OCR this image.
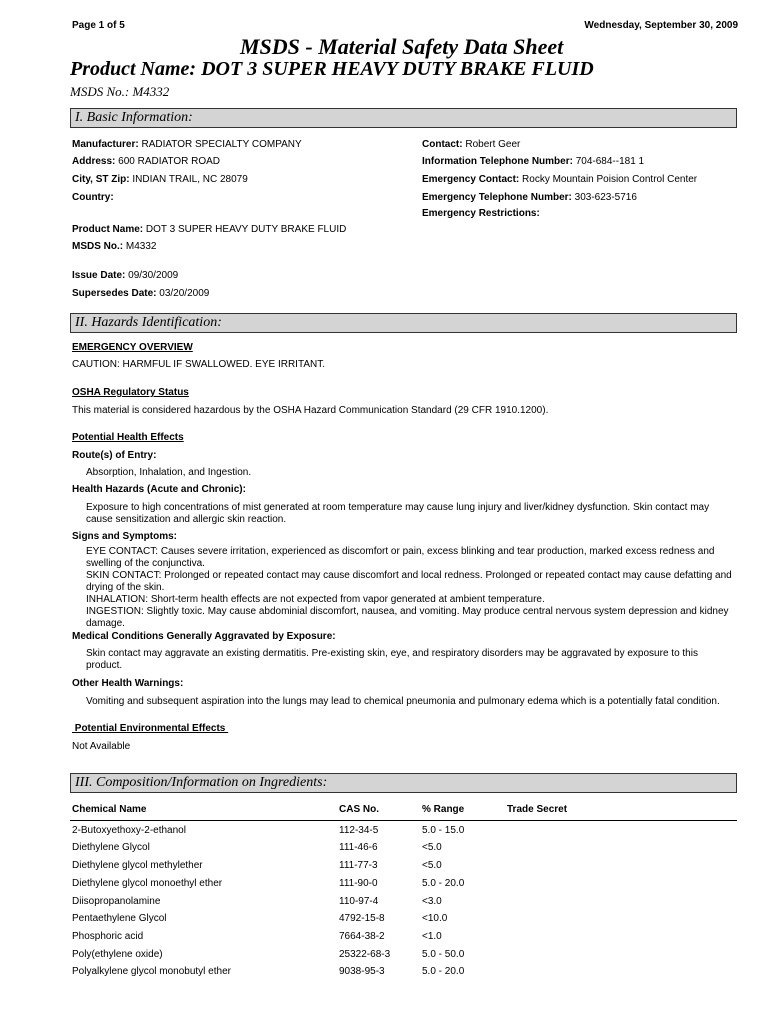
Page 1 of 5	Wednesday, September 30, 2009
MSDS - Material Safety Data Sheet
Product Name: DOT 3 SUPER HEAVY DUTY BRAKE FLUID
MSDS No.: M4332
I. Basic Information:
Manufacturer: RADIATOR SPECIALTY COMPANY
Address: 600 RADIATOR ROAD
City, ST Zip: INDIAN TRAIL, NC 28079
Country:
Contact: Robert Geer
Information Telephone Number: 704-684--181 1
Emergency Contact: Rocky Mountain Poision Control Center
Emergency Telephone Number: 303-623-5716
Emergency Restrictions:
Product Name: DOT 3 SUPER HEAVY DUTY BRAKE FLUID
MSDS No.: M4332
Issue Date: 09/30/2009
Supersedes Date: 03/20/2009
II. Hazards Identification:
EMERGENCY OVERVIEW
CAUTION: HARMFUL IF SWALLOWED. EYE IRRITANT.
OSHA Regulatory Status
This material is considered hazardous by the OSHA Hazard Communication Standard (29 CFR 1910.1200).
Potential Health Effects
Route(s) of Entry:
Absorption, Inhalation, and Ingestion.
Health Hazards (Acute and Chronic):
Exposure to high concentrations of mist generated at room temperature may cause lung injury and liver/kidney dysfunction. Skin contact may cause sensitization and allergic skin reaction.
Signs and Symptoms:
EYE CONTACT: Causes severe irritation, experienced as discomfort or pain, excess blinking and tear production, marked excess redness and swelling of the conjunctiva.
SKIN CONTACT: Prolonged or repeated contact may cause discomfort and local redness. Prolonged or repeated contact may cause defatting and drying of the skin.
INHALATION: Short-term health effects are not expected from vapor generated at ambient temperature.
INGESTION: Slightly toxic. May cause abdominial discomfort, nausea, and vomiting. May produce central nervous system depression and kidney damage.
Medical Conditions Generally Aggravated by Exposure:
Skin contact may aggravate an existing dermatitis. Pre-existing skin, eye, and respiratory disorders may be aggravated by exposure to this product.
Other Health Warnings:
Vomiting and subsequent aspiration into the lungs may lead to chemical pneumonia and pulmonary edema which is a potentially fatal condition.
Potential Environmental Effects
Not Available
III. Composition/Information on Ingredients:
Chemical Name	CAS No.	% Range	Trade Secret
2-Butoxyethoxy-2-ethanol	112-34-5	5.0 - 15.0
Diethylene Glycol	111-46-6	<5.0
Diethylene glycol methylether	111-77-3	<5.0
Diethylene glycol monoethyl ether	111-90-0	5.0 - 20.0
Diisopropanolamine	110-97-4	<3.0
Pentaethylene Glycol	4792-15-8	<10.0
Phosphoric acid	7664-38-2	<1.0
Poly(ethylene oxide)	25322-68-3	5.0 - 50.0
Polyalkylene glycol monobutyl ether	9038-95-3	5.0 - 20.0
